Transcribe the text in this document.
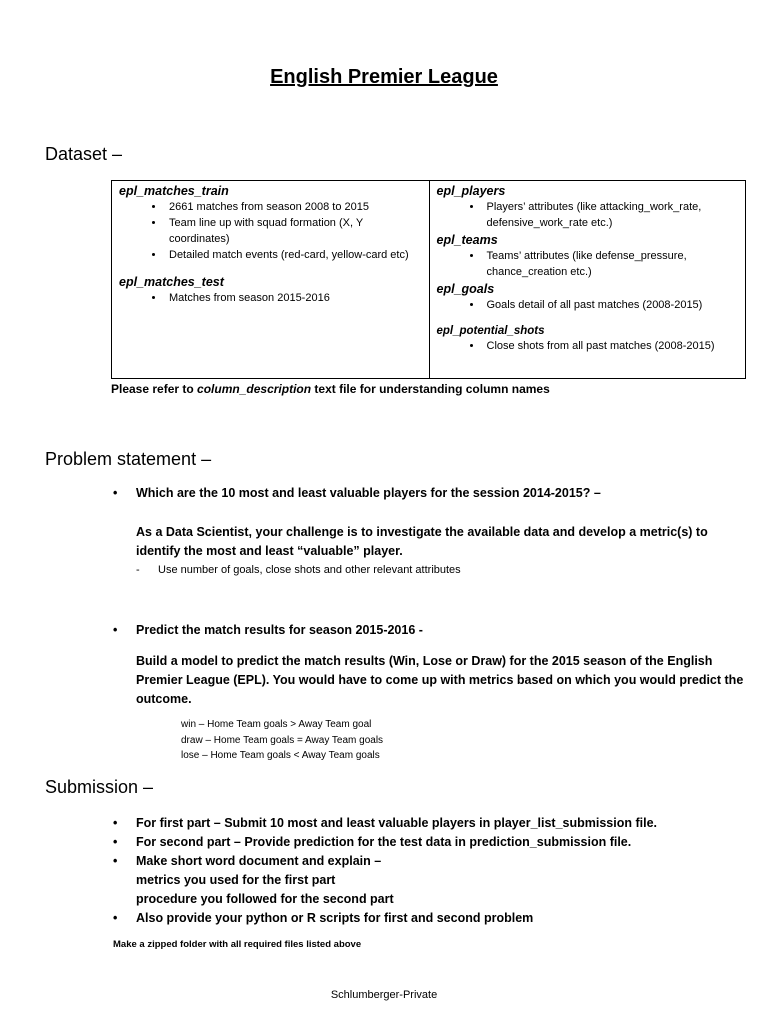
English Premier League
Dataset –
epl_matches_train
• 2661 matches from season 2008 to 2015
• Team line up with squad formation (X, Y coordinates)
• Detailed match events (red-card, yellow-card etc)
epl_matches_test
• Matches from season 2015-2016
epl_players
• Players’ attributes (like attacking_work_rate, defensive_work_rate etc.)
epl_teams
• Teams’ attributes (like defense_pressure, chance_creation etc.)
epl_goals
• Goals detail of all past matches (2008-2015)
epl_potential_shots
• Close shots from all past matches (2008-2015)
Please refer to column_description text file for understanding column names
Problem statement –
• Which are the 10 most and least valuable players for the session 2014-2015? –
As a Data Scientist, your challenge is to investigate the available data and develop a metric(s) to identify the most and least “valuable” player.
- Use number of goals, close shots and other relevant attributes
• Predict the match results for season 2015-2016 -
Build a model to predict the match results (Win, Lose or Draw) for the 2015 season of the English Premier League (EPL). You would have to come up with metrics based on which you would predict the outcome.
win – Home Team goals > Away Team goal
draw – Home Team goals = Away Team goals
lose – Home Team goals < Away Team goals
Submission –
• For first part – Submit 10 most and least valuable players in player_list_submission file.
• For second part – Provide prediction for the test data in prediction_submission file.
• Make short word document and explain –
metrics you used for the first part
procedure you followed for the second part
• Also provide your python or R scripts for first and second problem
Make a zipped folder with all required files listed above
Schlumberger-Private
